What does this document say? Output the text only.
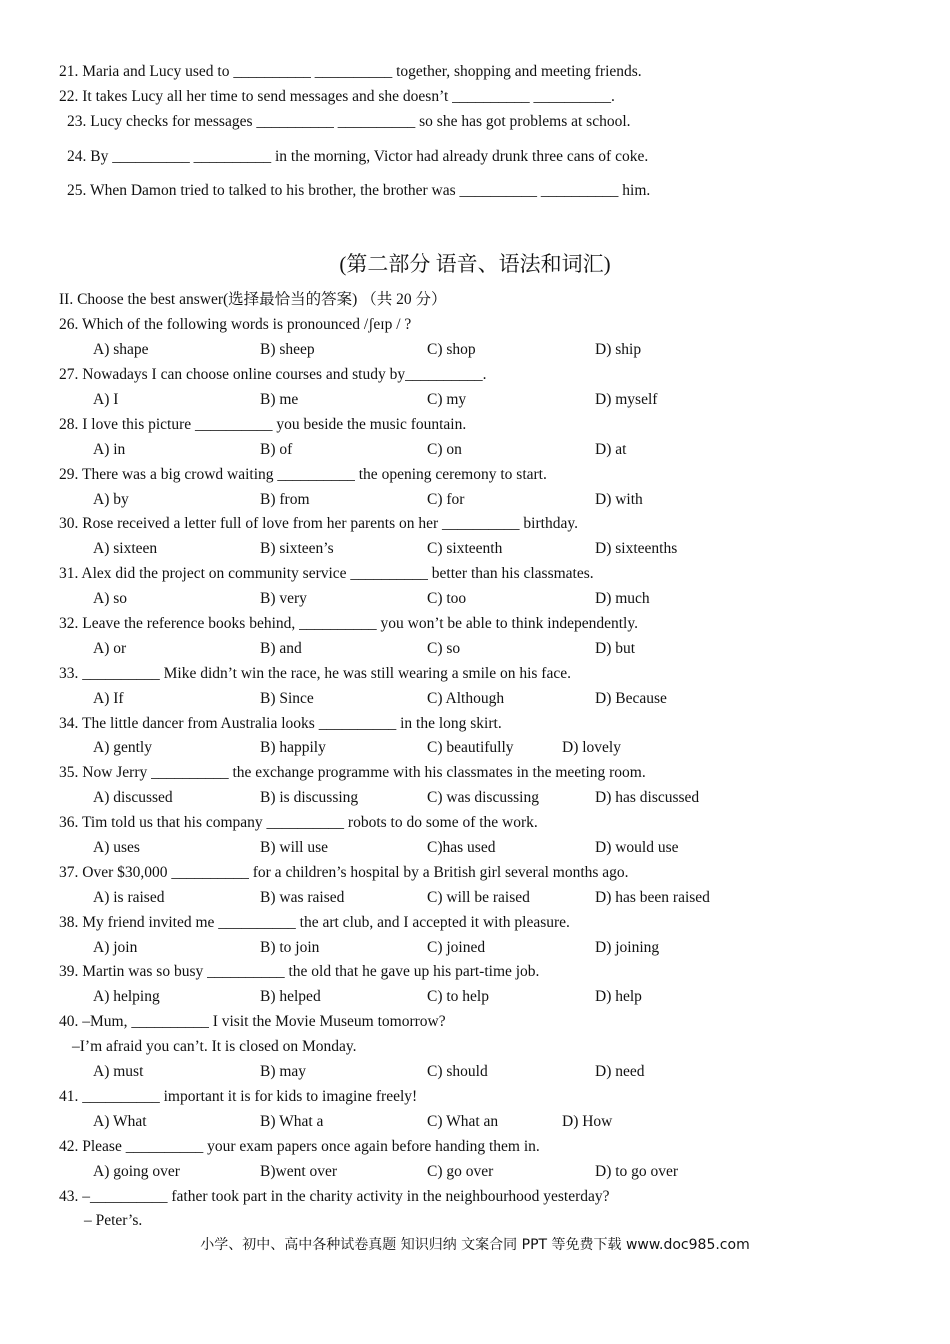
21. Maria and Lucy used to __________ __________ together, shopping and meeting friends.
22. It takes Lucy all her time to send messages and she doesn’t __________ __________.
23. Lucy checks for messages __________ __________ so she has got problems at school.
24. By __________ __________ in the morning, Victor had already drunk three cans of coke.
25. When Damon tried to talked to his brother, the brother was __________ __________ him.
(第二部分 语音、语法和词汇)
II. Choose the best answer(选择最恰当的答案) （共 20 分）
26. Which of the following words is pronounced /ʃeɪp / ?
A) shape	B) sheep	C) shop	D) ship
27. Nowadays I can choose online courses and study by__________.
A) I	B) me	C) my	D) myself
28. I love this picture __________ you beside the music fountain.
A) in	B) of	C) on	D) at
29. There was a big crowd waiting __________ the opening ceremony to start.
A) by	B) from	C) for	D) with
30. Rose received a letter full of love from her parents on her __________ birthday.
A) sixteen	B) sixteen’s	C) sixteenth	D) sixteenths
31. Alex did the project on community service __________ better than his classmates.
A) so	B) very	C) too	D) much
32. Leave the reference books behind, __________ you won’t be able to think independently.
A) or	B) and	C) so	D) but
33. __________ Mike didn’t win the race, he was still wearing a smile on his face.
A) If	B) Since	C) Although	D) Because
34. The little dancer from Australia looks __________ in the long skirt.
A) gently	B) happily	C) beautifully	D) lovely
35. Now Jerry __________ the exchange programme with his classmates in the meeting room.
A) discussed	B) is discussing	C) was discussing	D) has discussed
36. Tim told us that his company __________ robots to do some of the work.
A) uses	B) will use	C)has used	D) would use
37. Over $30,000 __________ for a children’s hospital by a British girl several months ago.
A) is raised	B) was raised	C) will be raised	D) has been raised
38. My friend invited me __________ the art club, and I accepted it with pleasure.
A) join	B) to join	C) joined	D) joining
39. Martin was so busy __________ the old that he gave up his part-time job.
A) helping	B) helped	C) to help	D) help
40. –Mum, __________ I visit the Movie Museum tomorrow?
–I’m afraid you can’t. It is closed on Monday.
A) must	B) may	C) should	D) need
41. __________ important it is for kids to imagine freely!
A) What	B) What a	C) What an	D) How
42. Please __________ your exam papers once again before handing them in.
A) going over	B)went over	C) go over	D) to go over
43. –__________ father took part in the charity activity in the neighbourhood yesterday?
– Peter’s.
小学、初中、高中各种试卷真题 知识归纳 文案合同 PPT 等免费下载 www.doc985.com
